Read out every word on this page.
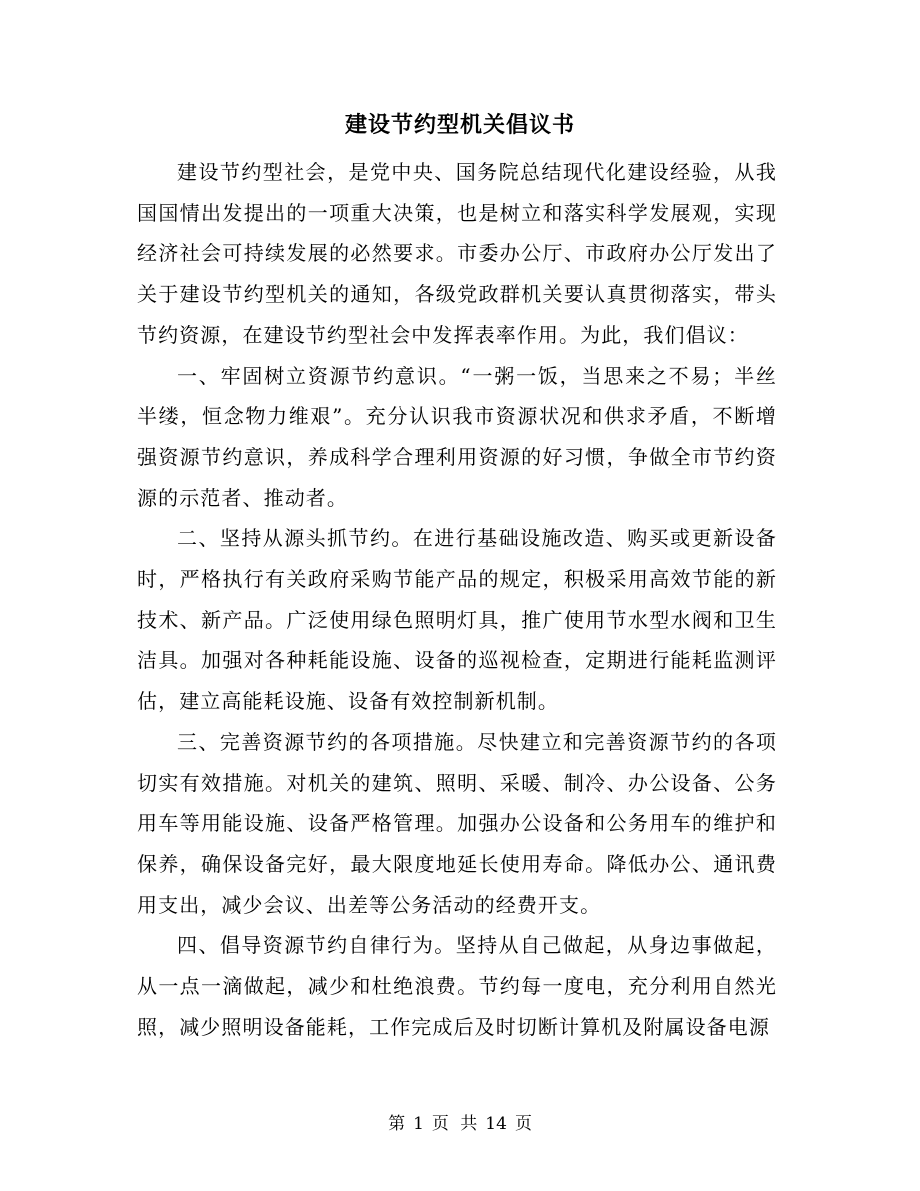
建设节约型机关倡议书

建设节约型社会，是党中央、国务院总结现代化建设经验，从我国国情出发提出的一项重大决策，也是树立和落实科学发展观，实现经济社会可持续发展的必然要求。市委办公厅、市政府办公厅发出了关于建设节约型机关的通知，各级党政群机关要认真贯彻落实，带头节约资源，在建设节约型社会中发挥表率作用。为此，我们倡议：

一、牢固树立资源节约意识。“一粥一饭，当思来之不易；半丝半缕，恒念物力维艰”。充分认识我市资源状况和供求矛盾，不断增强资源节约意识，养成科学合理利用资源的好习惯，争做全市节约资源的示范者、推动者。

二、坚持从源头抓节约。在进行基础设施改造、购买或更新设备时，严格执行有关政府采购节能产品的规定，积极采用高效节能的新技术、新产品。广泛使用绿色照明灯具，推广使用节水型水阀和卫生洁具。加强对各种耗能设施、设备的巡视检查，定期进行能耗监测评估，建立高能耗设施、设备有效控制新机制。

三、完善资源节约的各项措施。尽快建立和完善资源节约的各项切实有效措施。对机关的建筑、照明、采暖、制冷、办公设备、公务用车等用能设施、设备严格管理。加强办公设备和公务用车的维护和保养，确保设备完好，最大限度地延长使用寿命。降低办公、通讯费用支出，减少会议、出差等公务活动的经费开支。

四、倡导资源节约自律行为。坚持从自己做起，从身边事做起，从一点一滴做起，减少和杜绝浪费。节约每一度电，充分利用自然光照，减少照明设备能耗，工作完成后及时切断计算机及附属设备电源

第 1 页 共 14 页
